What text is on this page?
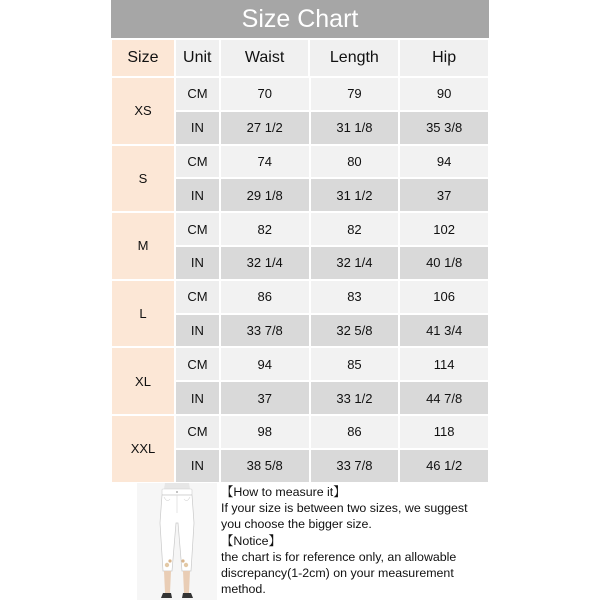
Size Chart
Size	Unit	Waist	Length	Hip
XS
CM	70	79	90
IN	27 1/2	31 1/8	35 3/8
S
CM	74	80	94
IN	29 1/8	31 1/2	37
M
CM	82	82	102
IN	32 1/4	32 1/4	40 1/8
L
CM	86	83	106
IN	33 7/8	32 5/8	41 3/4
XL
CM	94	85	114
IN	37	33 1/2	44 7/8
XXL
CM	98	86	118
IN	38 5/8	33 7/8	46 1/2
【How to measure it】
If your size is between two sizes, we suggest
you choose the bigger size.
【Notice】
the chart is for reference only, an allowable
discrepancy(1-2cm) on your measurement
method.
